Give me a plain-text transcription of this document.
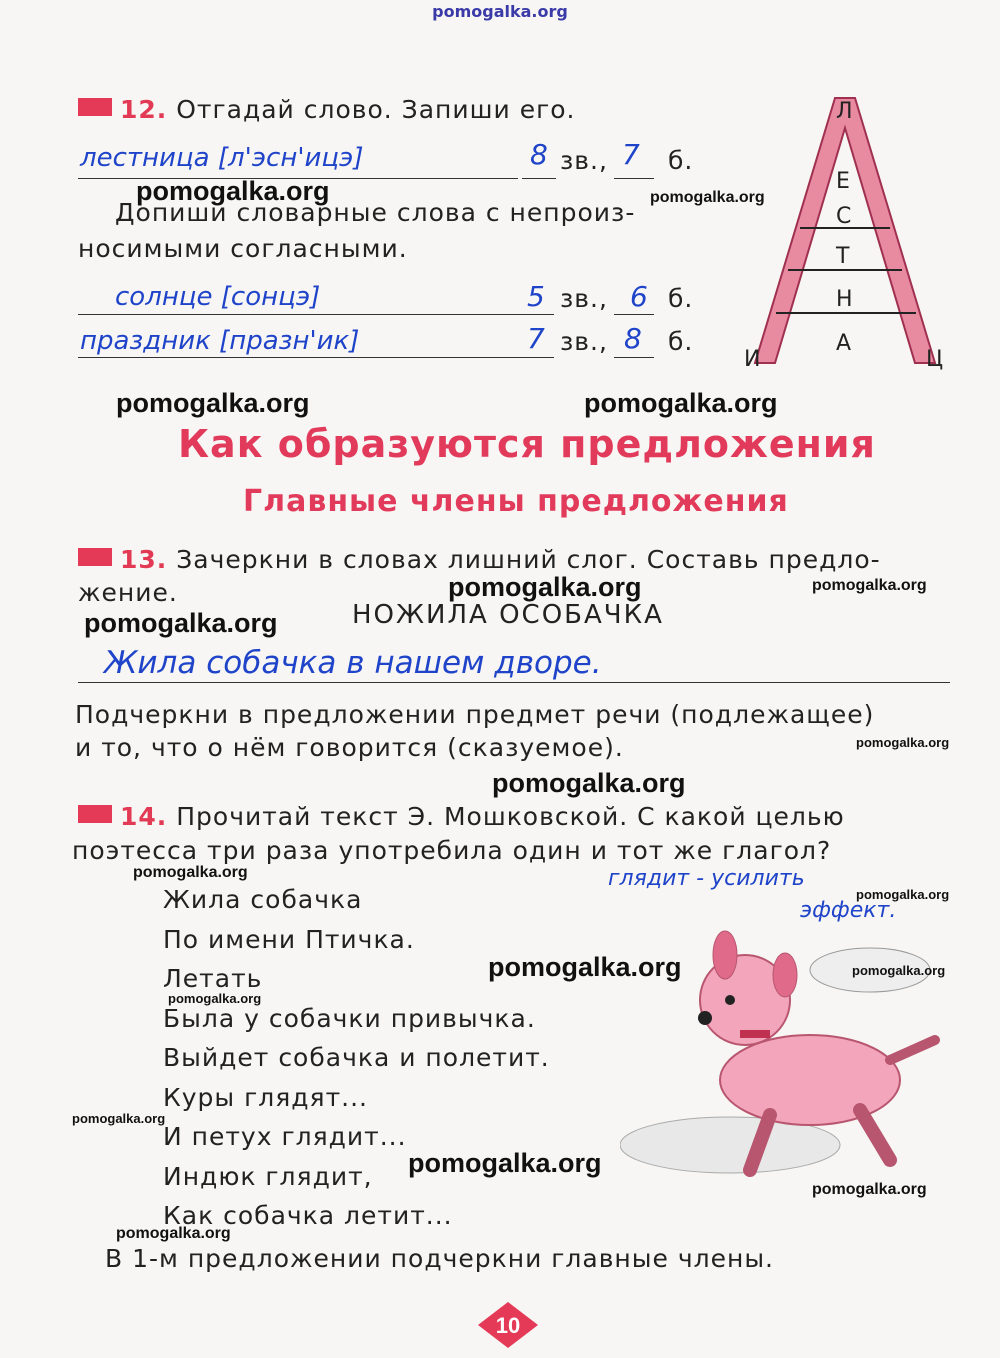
pomogalka.org
12. Отгадай слово. Запиши его.
лестница [л'эсн'ицэ]	8 зв., 7 б.
Допиши словарные слова с непроиз-
носимыми согласными.
солнце [сонцэ]	5 зв., 6 б.
праздник [празн'ик]	7 зв., 8 б.
Л
Е
С
Т
Н
И	Ц
А
Как образуются предложения
Главные члены предложения
13. Зачеркни в словах лишний слог. Составь предло-
жение.
НОЖИЛА ОСОБАЧКА
Жила собачка в нашем дворе.
Подчеркни в предложении предмет речи (подлежащее)
и то, что о нём говорится (сказуемое).
14. Прочитай текст Э. Мошковской. С какой целью
поэтесса три раза употребила один и тот же глагол?
глядит - усилить
эффект.
Жила собачка
По имени Птичка.
Летать
Была у собачки привычка.
Выйдет собачка и полетит.
Куры глядят...
И петух глядит...
Индюк глядит,
Как собачка летит...
В 1-м предложении подчеркни главные члены.
10
pomogalka.org	pomogalka.org
pomogalka.org	pomogalka.org
pomogalka.org	pomogalka.org
pomogalka.org
pomogalka.org
pomogalka.org
pomogalka.org
pomogalka.org
pomogalka.org	pomogalka.org
pomogalka.org
pomogalka.org
pomogalka.org
pomogalka.org
pomogalka.org
